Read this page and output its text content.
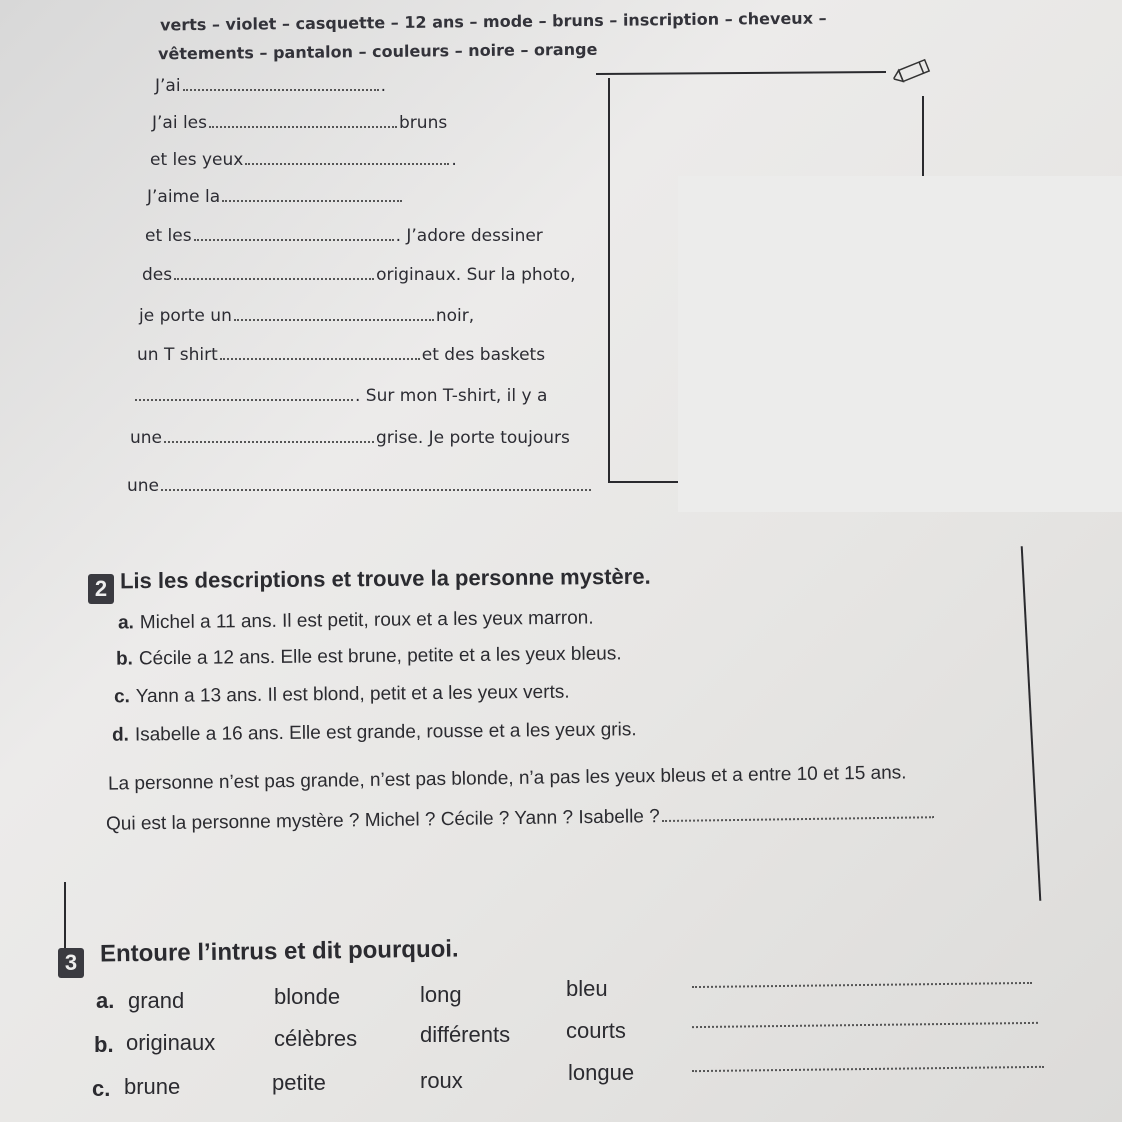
verts – violet – casquette – 12 ans – mode – bruns – inscription – cheveux –
vêtements – pantalon – couleurs – noire – orange
J’ai	.
J’ai les	bruns
et les yeux	.
J’aime la
et les	. J’adore dessiner
des	originaux. Sur la photo,
je porte un	noir,
un T shirt	et des baskets
. Sur mon T-shirt, il y a
une	grise. Je porte toujours
une
2 Lis les descriptions et trouve la personne mystère.
a. Michel a 11 ans. Il est petit, roux et a les yeux marron.
b. Cécile a 12 ans. Elle est brune, petite et a les yeux bleus.
c. Yann a 13 ans. Il est blond, petit et a les yeux verts.
d. Isabelle a 16 ans. Elle est grande, rousse et a les yeux gris.
La personne n’est pas grande, n’est pas blonde, n’a pas les yeux bleus et a entre 10 et 15 ans.
Qui est la personne mystère ? Michel ? Cécile ? Yann ? Isabelle ?
3 Entoure l’intrus et dit pourquoi.
a. grand	blonde	long	bleu
b. originaux	célèbres	différents	courts
c. brune	petite	roux	longue
